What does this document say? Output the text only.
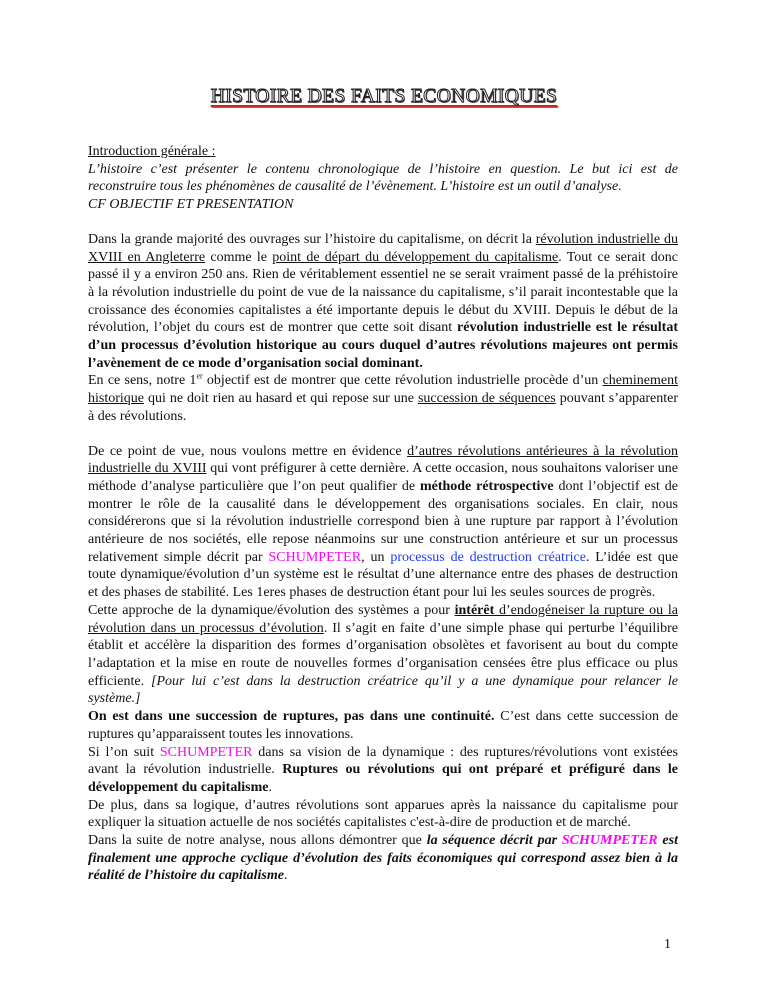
HISTOIRE DES FAITS ECONOMIQUES

Introduction générale :

L’histoire c’est présenter le contenu chronologique de l’histoire en question. Le but ici est de reconstruire tous les phénomènes de causalité de l’évènement. L’histoire est un outil d’analyse.

CF OBJECTIF ET PRESENTATION

Dans la grande majorité des ouvrages sur l’histoire du capitalisme, on décrit la révolution industrielle du XVIII en Angleterre comme le point de départ du développement du capitalisme. Tout ce serait donc passé il y a environ 250 ans. Rien de véritablement essentiel ne se serait vraiment passé de la préhistoire à la révolution industrielle du point de vue de la naissance du capitalisme, s’il parait incontestable que la croissance des économies capitalistes a été importante depuis le début du XVIII. Depuis le début de la révolution, l’objet du cours est de montrer que cette soit disant révolution industrielle est le résultat d’un processus d’évolution historique au cours duquel d’autres révolutions majeures ont permis l’avènement de ce mode d’organisation social dominant.

En ce sens, notre 1er objectif est de montrer que cette révolution industrielle procède d’un cheminement historique qui ne doit rien au hasard et qui repose sur une succession de séquences pouvant s’apparenter à des révolutions.

De ce point de vue, nous voulons mettre en évidence d’autres révolutions antérieures à la révolution industrielle du XVIII qui vont préfigurer à cette dernière. A cette occasion, nous souhaitons valoriser une méthode d’analyse particulière que l’on peut qualifier de méthode rétrospective dont l’objectif est de montrer le rôle de la causalité dans le développement des organisations sociales. En clair, nous considérerons que si la révolution industrielle correspond bien à une rupture par rapport à l’évolution antérieure de nos sociétés, elle repose néanmoins sur une construction antérieure et sur un processus relativement simple décrit par SCHUMPETER, un processus de destruction créatrice. L’idée est que toute dynamique/évolution d’un système est le résultat d’une alternance entre des phases de destruction et des phases de stabilité. Les 1eres phases de destruction étant pour lui les seules sources de progrès.

Cette approche de la dynamique/évolution des systèmes a pour intérêt d’endogéneiser la rupture ou la révolution dans un processus d’évolution. Il s’agit en faite d’une simple phase qui perturbe l’équilibre établit et accélère la disparition des formes d’organisation obsolètes et favorisent au bout du compte l’adaptation et la mise en route de nouvelles formes d’organisation censées être plus efficace ou plus efficiente. [Pour lui c’est dans la destruction créatrice qu’il y a une dynamique pour relancer le système.]

On est dans une succession de ruptures, pas dans une continuité. C’est dans cette succession de ruptures qu’apparaissent toutes les innovations.

Si l’on suit SCHUMPETER dans sa vision de la dynamique : des ruptures/révolutions vont existées avant la révolution industrielle. Ruptures ou révolutions qui ont préparé et préfiguré dans le développement du capitalisme.

De plus, dans sa logique, d’autres révolutions sont apparues après la naissance du capitalisme pour expliquer la situation actuelle de nos sociétés capitalistes c'est-à-dire de production et de marché.

Dans la suite de notre analyse, nous allons démontrer que la séquence décrit par SCHUMPETER est finalement une approche cyclique d’évolution des faits économiques qui correspond assez bien à la réalité de l’histoire du capitalisme.

1
